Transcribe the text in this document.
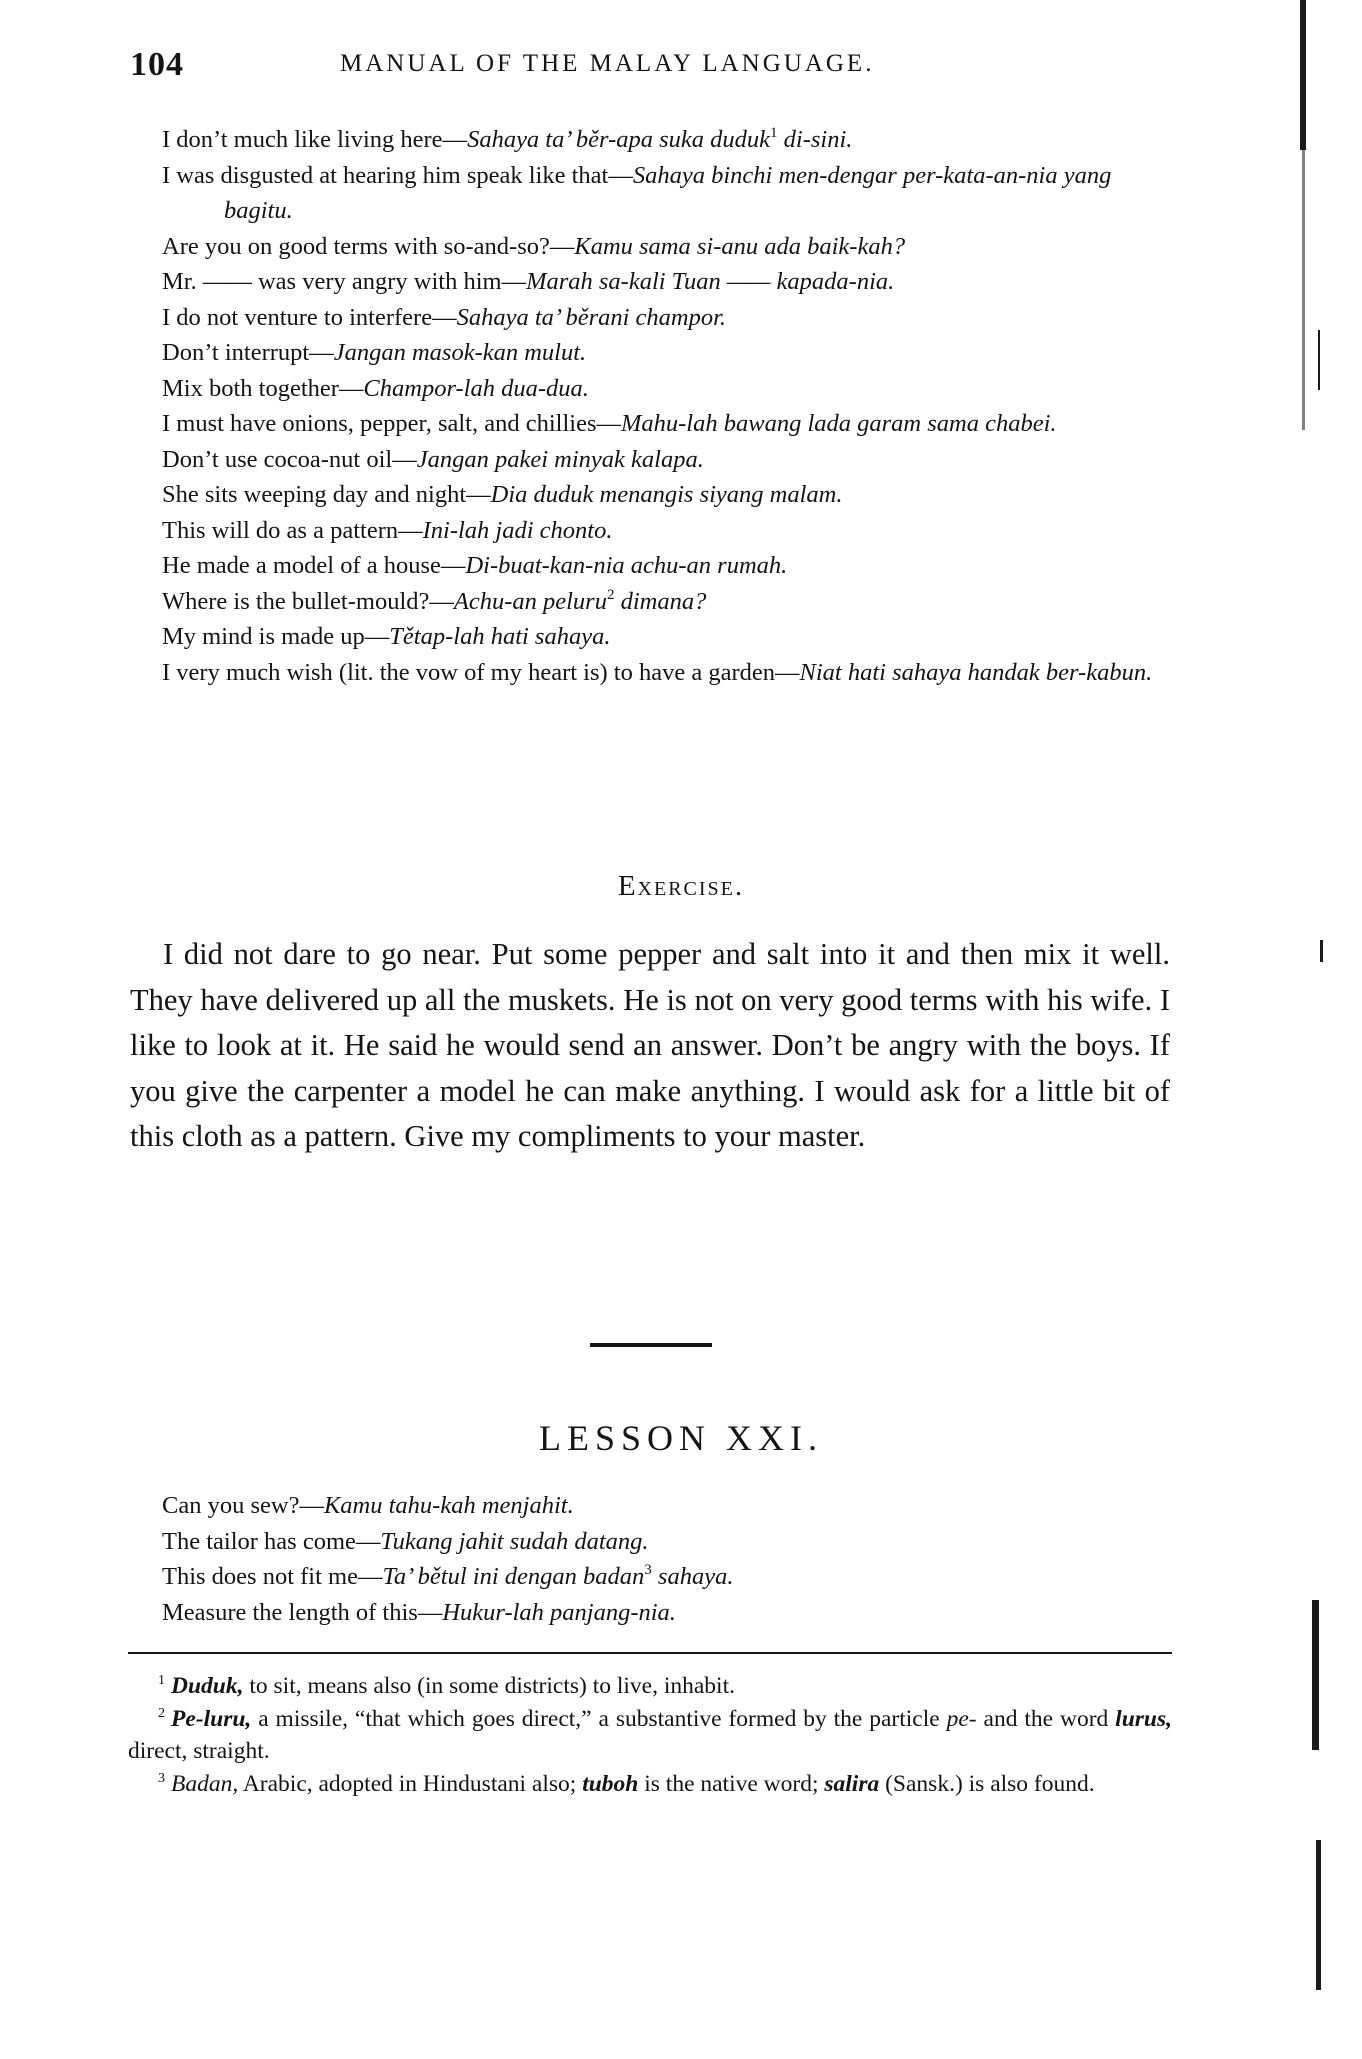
104	MANUAL OF THE MALAY LANGUAGE.

I don’t much like living here—Sahaya ta’ běr-apa suka duduk$^1$ di-sini.

I was disgusted at hearing him speak like that—Sahaya binchi men-dengar per-kata-an-nia yang bagitu.

Are you on good terms with so-and-so?—Kamu sama si-anu ada baik-kah?

Mr. —— was very angry with him—Marah sa-kali Tuan —— kapada-nia.

I do not venture to interfere—Sahaya ta’ běrani champor.

Don’t interrupt—Jangan masok-kan mulut.

Mix both together—Champor-lah dua-dua.

I must have onions, pepper, salt, and chillies—Mahu-lah bawang lada garam sama chabei.

Don’t use cocoa-nut oil—Jangan pakei minyak kalapa.

She sits weeping day and night—Dia duduk menangis siyang malam.

This will do as a pattern—Ini-lah jadi chonto.

He made a model of a house—Di-buat-kan-nia achu-an rumah.

Where is the bullet-mould?—Achu-an peluru$^2$ dimana?

My mind is made up—Tětap-lah hati sahaya.

I very much wish (lit. the vow of my heart is) to have a garden—Niat hati sahaya handak ber-kabun.

Exercise.

I did not dare to go near. Put some pepper and salt into it and then mix it well. They have delivered up all the muskets. He is not on very good terms with his wife. I like to look at it. He said he would send an answer. Don’t be angry with the boys. If you give the carpenter a model he can make anything. I would ask for a little bit of this cloth as a pattern. Give my compliments to your master.

LESSON XXI.

Can you sew?—Kamu tahu-kah menjahit.

The tailor has come—Tukang jahit sudah datang.

This does not fit me—Ta’ bětul ini dengan badan$^3$ sahaya.

Measure the length of this—Hukur-lah panjang-nia.

$^1$ Duduk, to sit, means also (in some districts) to live, inhabit.

$^2$ Pe-luru, a missile, “that which goes direct,” a substantive formed by the particle pe- and the word lurus, direct, straight.

$^3$ Badan, Arabic, adopted in Hindustani also; tuboh is the native word; salira (Sansk.) is also found.
